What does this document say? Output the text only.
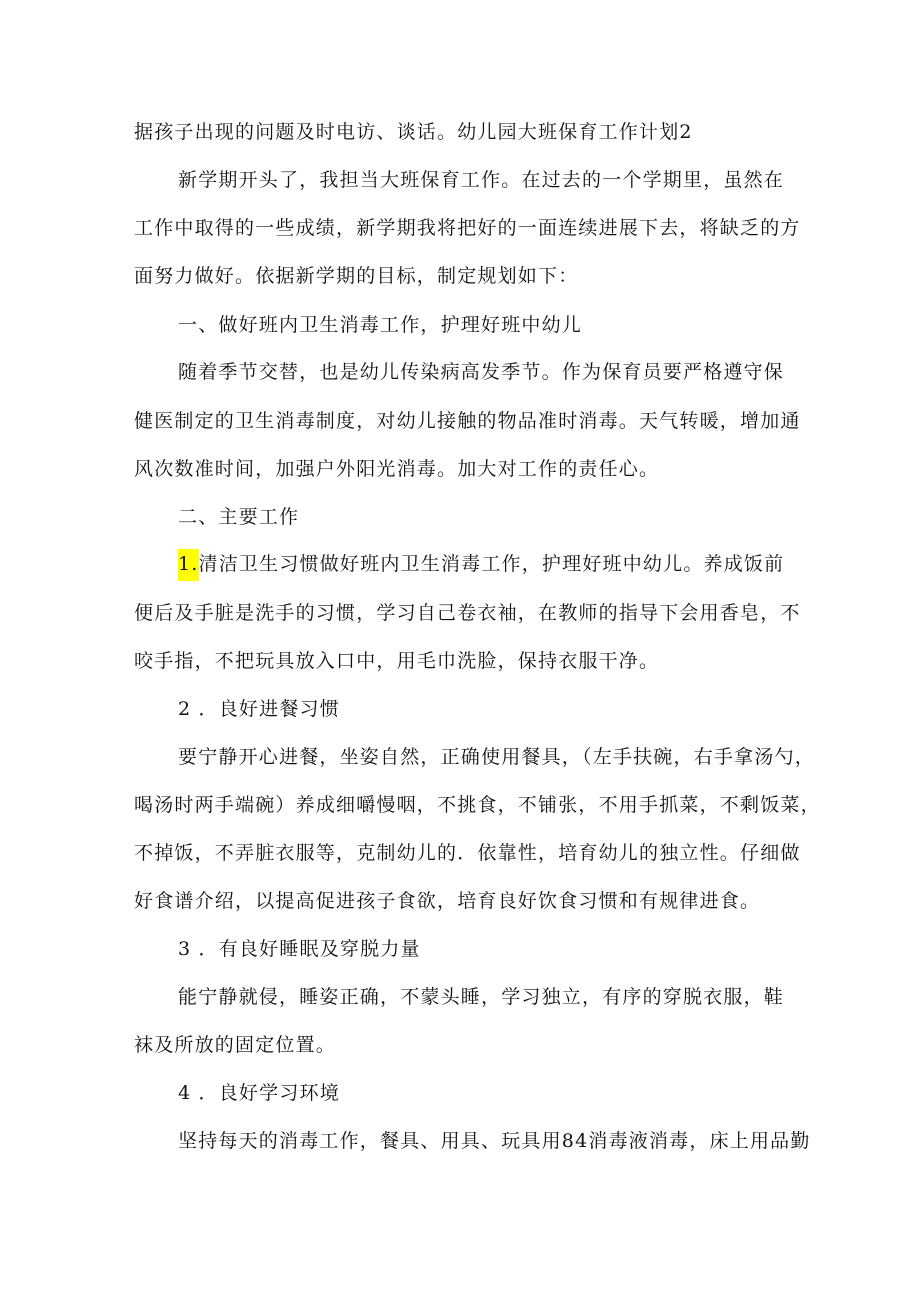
据孩子出现的问题及时电访、谈话。幼儿园大班保育工作计划2
新学期开头了，我担当大班保育工作。在过去的一个学期里，虽然在
工作中取得的一些成绩，新学期我将把好的一面连续进展下去，将缺乏的方
面努力做好。依据新学期的目标，制定规划如下：
一、做好班内卫生消毒工作，护理好班中幼儿
随着季节交替，也是幼儿传染病高发季节。作为保育员要严格遵守保
健医制定的卫生消毒制度，对幼儿接触的物品准时消毒。天气转暖，增加通
风次数准时间，加强户外阳光消毒。加大对工作的责任心。
二、主要工作
1.清洁卫生习惯做好班内卫生消毒工作，护理好班中幼儿。养成饭前
便后及手脏是洗手的习惯，学习自己卷衣袖，在教师的指导下会用香皂，不
咬手指，不把玩具放入口中，用毛巾洗脸，保持衣服干净。
2 ．良好进餐习惯
要宁静开心进餐，坐姿自然，正确使用餐具，（左手扶碗，右手拿汤勺，
喝汤时两手端碗）养成细嚼慢咽，不挑食，不铺张，不用手抓菜，不剩饭菜，
不掉饭，不弄脏衣服等，克制幼儿的．依靠性，培育幼儿的独立性。仔细做
好食谱介绍，以提高促进孩子食欲，培育良好饮食习惯和有规律进食。
3 ．有良好睡眠及穿脱力量
能宁静就侵，睡姿正确，不蒙头睡，学习独立，有序的穿脱衣服，鞋
袜及所放的固定位置。
4 ．良好学习环境
坚持每天的消毒工作，餐具、用具、玩具用84消毒液消毒，床上用品勤
